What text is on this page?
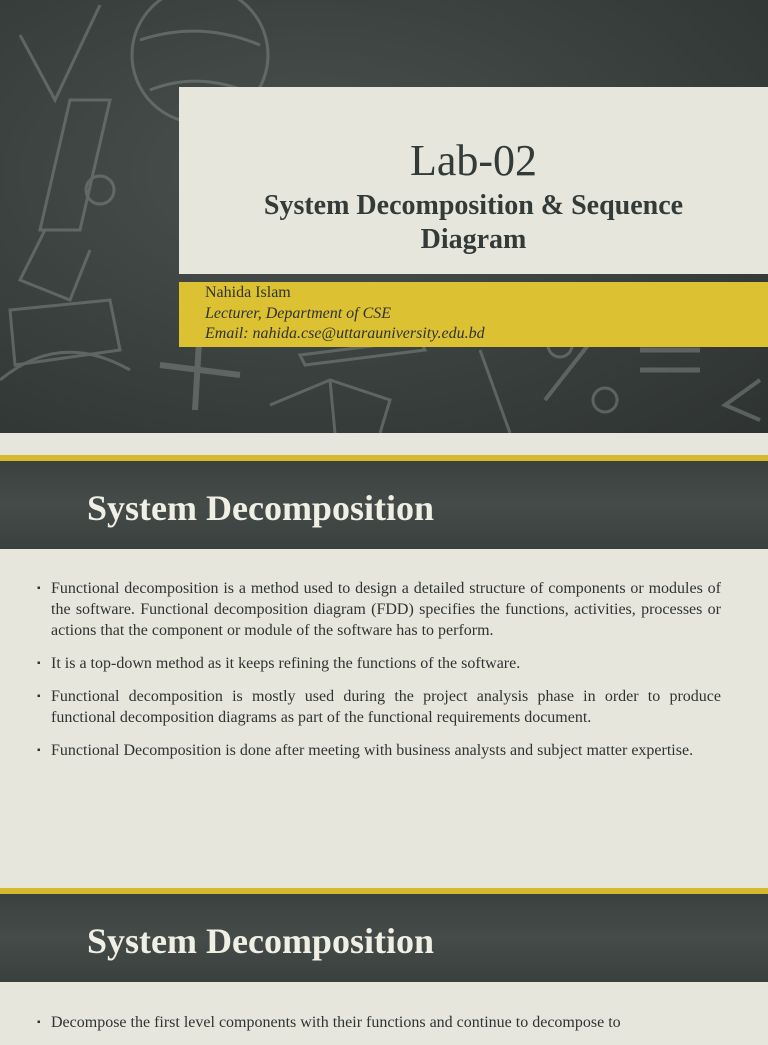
Lab-02
System Decomposition & Sequence Diagram
Nahida Islam
Lecturer, Department of CSE
Email: nahida.cse@uttarauniversity.edu.bd
System Decomposition
▪ Functional decomposition is a method used to design a detailed structure of components or modules of the software. Functional decomposition diagram (FDD) specifies the functions, activities, processes or actions that the component or module of the software has to perform.
▪ It is a top-down method as it keeps refining the functions of the software.
▪ Functional decomposition is mostly used during the project analysis phase in order to produce functional decomposition diagrams as part of the functional requirements document.
▪ Functional Decomposition is done after meeting with business analysts and subject matter expertise.
System Decomposition
▪ Decompose the first level components with their functions and continue to decompose to
